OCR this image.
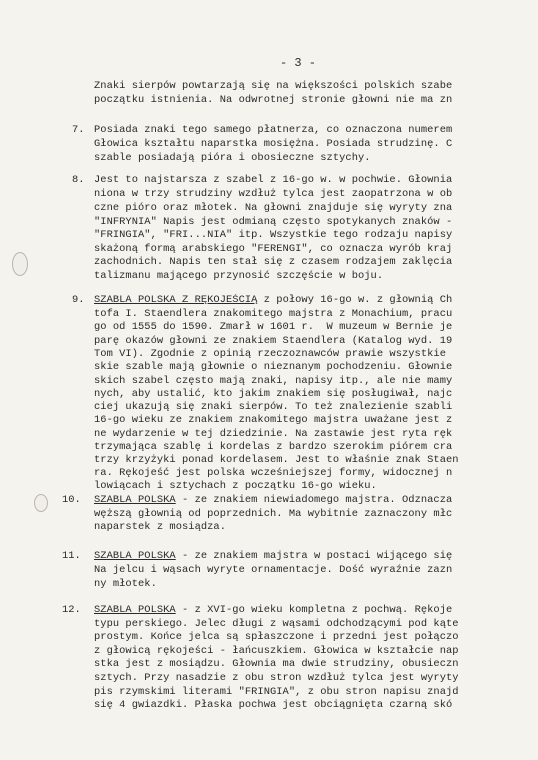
- 3 -
Znaki sierpów powtarzają się na większości polskich szabe
początku istnienia. Na odwrotnej stronie głowni nie ma zn
7. Posiada znaki tego samego płatnerza, co oznaczona numerem
Głowica kształtu naparstka mosiężna. Posiada strudzinę. C
szable posiadają pióra i obosieczne sztychy.
8. Jest to najstarsza z szabel z 16-go w. w pochwie. Głownia
niona w trzy strudziny wzdłuż tylca jest zaopatrzona w ob
czne pióro oraz młotek. Na głowni znajduje się wyryty zna
"INFRYNIA" Napis jest odmianą często spotykanych znaków -
"FRINGIA", "FRI...NIA" itp. Wszystkie tego rodzaju napisy
skażoną formą arabskiego "FERENGI", co oznacza wyrób kraj
zachodnich. Napis ten stał się z czasem rodzajem zaklęcia
talizmanu mającego przynosić szczęście w boju.
9. SZABLA POLSKA Z RĘKOJEŚCIĄ z połowy 16-go w. z głownią Ch
tofa I. Staendlera znakomitego majstra z Monachium, pracu
go od 1555 do 1590. Zmarł w 1601 r.  W muzeum w Bernie je
parę okazów głowni ze znakiem Staendlera (Katalog wyd. 19
Tom VI). Zgodnie z opinią rzeczoznawców prawie wszystkie
skie szable mają głownie o nieznanym pochodzeniu. Głownie
skich szabel często mają znaki, napisy itp., ale nie mamy
nych, aby ustalić, kto jakim znakiem się posługiwał, najc
ciej ukazują się znaki sierpów. To też znalezienie szabli
16-go wieku ze znakiem znakomitego majstra uważane jest z
ne wydarzenie w tej dziedzinie. Na zastawie jest ryta ręk
trzymająca szablę i kordelas z bardzo szerokim piórem cra
trzy krzyżyki ponad kordelasem. Jest to właśnie znak Staen
ra. Rękojeść jest polska wcześniejszej formy, widocznej n
lowiącach i sztychach z początku 16-go wieku.
10. SZABLA POLSKA - ze znakiem niewiadomego majstra. Odznacza
węższą głownią od poprzednich. Ma wybitnie zaznaczony młc
naparstek z mosiądza.
11. SZABLA POLSKA - ze znakiem majstra w postaci wijącego się
Na jelcu i wąsach wyryte ornamentacje. Dość wyraźnie zazn
ny młotek.
12. SZABLA POLSKA - z XVI-go wieku kompletna z pochwą. Rękoje
typu perskiego. Jelec długi z wąsami odchodzącymi pod kąte
prostym. Końce jelca są spłaszczone i przedni jest połączo
z głowicą rękojeści - łańcuszkiem. Głowica w kształcie nap
stka jest z mosiądzu. Głownia ma dwie strudziny, obusieczn
sztych. Przy nasadzie z obu stron wzdłuż tylca jest wyryty
pis rzymskimi literami "FRINGIA", z obu stron napisu znajd
się 4 gwiazdki. Płaska pochwa jest obciągnięta czarną skó
